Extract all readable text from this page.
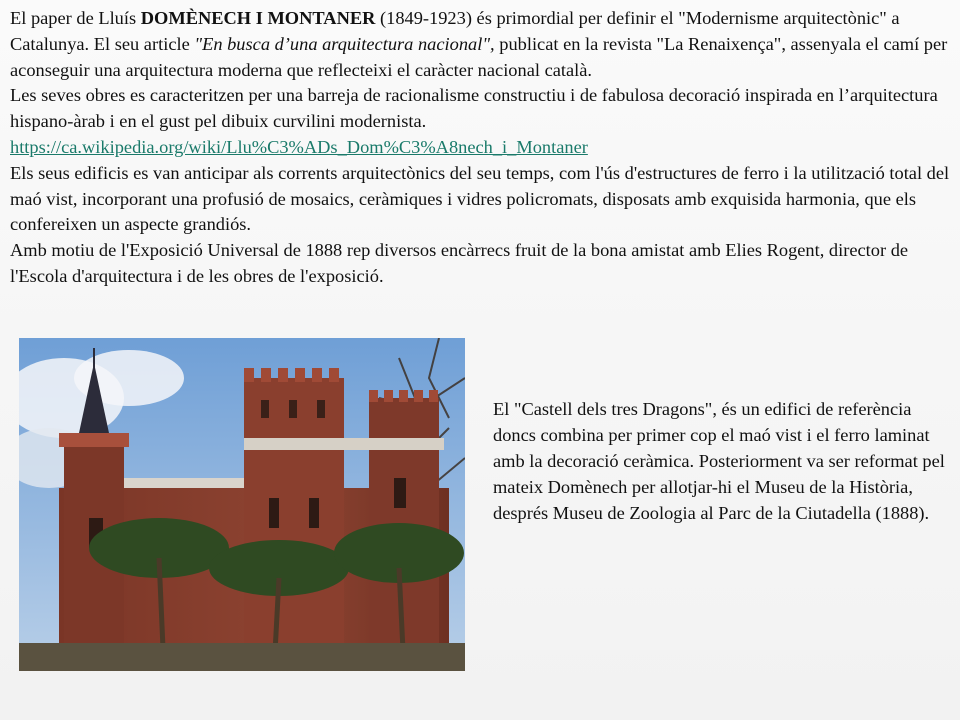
El paper de Lluís DOMÈNECH I MONTANER (1849-1923) és primordial per definir el "Modernisme arquitectònic" a Catalunya. El seu article "En busca d’una arquitectura nacional", publicat en la revista "La Renaixença", assenyala el camí per aconseguir una arquitectura moderna que reflecteixi el caràcter nacional català.

Les seves obres es caracteritzen per una barreja de racionalisme constructiu i de fabulosa decoració inspirada en l’arquitectura hispano-àrab i en el gust pel dibuix curvilini modernista.

https://ca.wikipedia.org/wiki/Llu%C3%ADs_Dom%C3%A8nech_i_Montaner

Els seus edificis es van anticipar als corrents arquitectònics del seu temps, com l'ús d'estructures de ferro i la utilització total del maó vist, incorporant una profusió de mosaics, ceràmiques i vidres policromats, disposats amb exquisida harmonia, que els confereixen un aspecte grandiós.

Amb motiu de l'Exposició Universal de 1888 rep diversos encàrrecs fruit de la bona amistat amb Elies Rogent, director de l'Escola d'arquitectura i de les obres de l'exposició.

El "Castell dels tres Dragons", és un edifici de referència doncs combina per primer cop el maó vist i el ferro laminat amb la decoració ceràmica. Posteriorment va ser reformat pel mateix Domènech per allotjar-hi el Museu de la Història, després Museu de Zoologia al Parc de la Ciutadella (1888).
